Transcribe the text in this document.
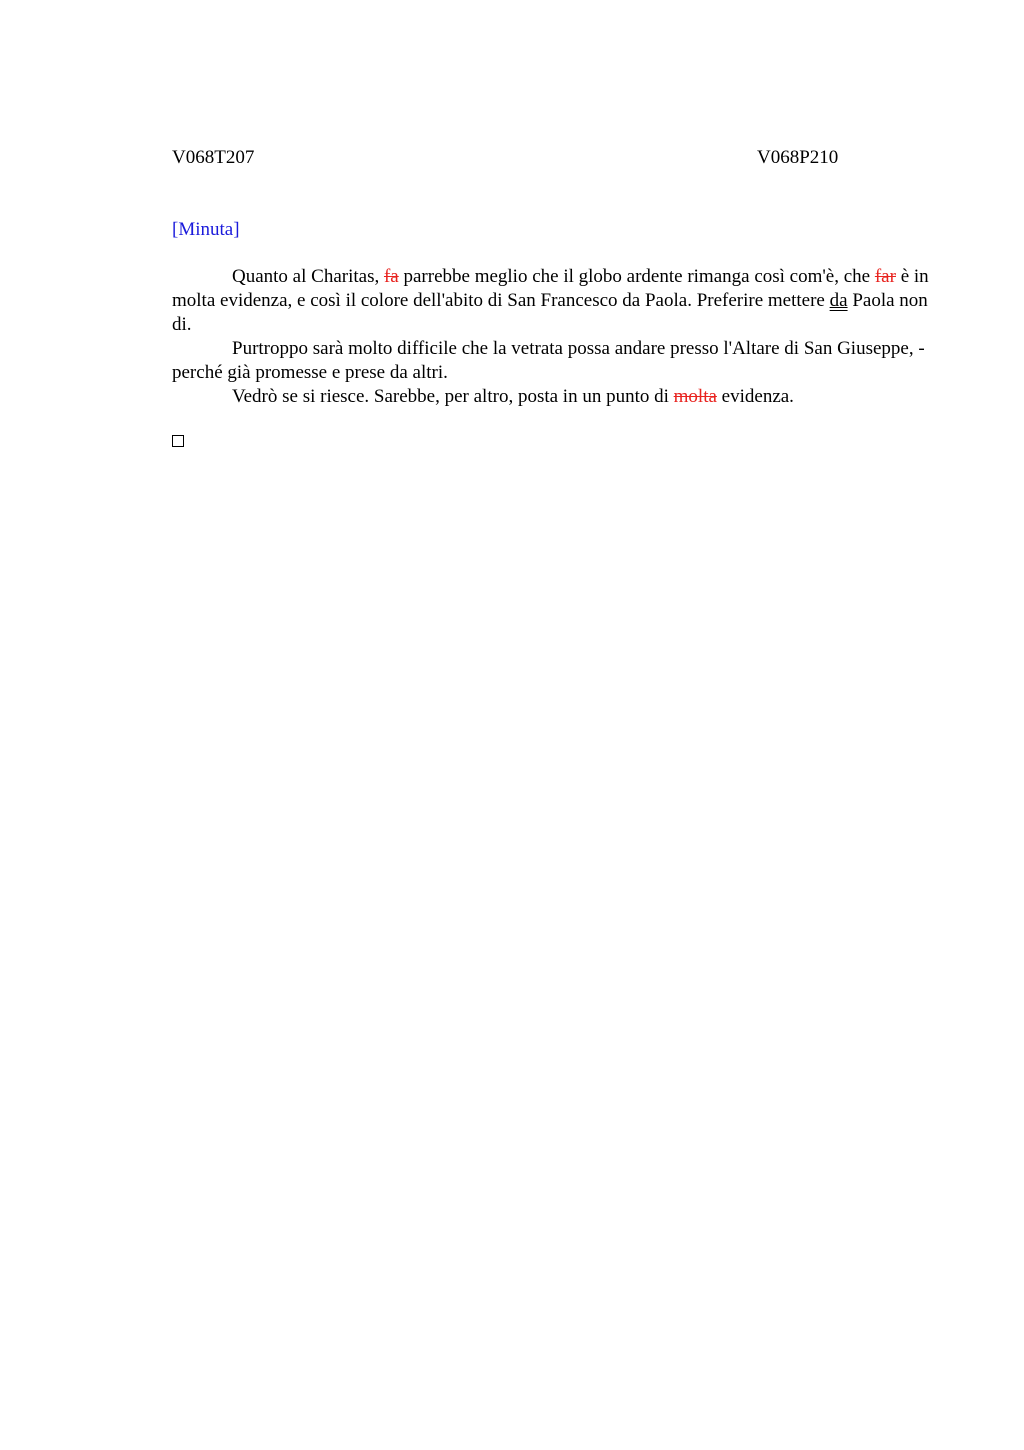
V068T207	V068P210
[Minuta]

Quanto al Charitas, fa parrebbe meglio che il globo ardente rimanga così com'è, che far è in molta evidenza, e così il colore dell'abito di San Francesco da Paola. Preferire mettere da Paola non di.

Purtroppo sarà molto difficile che la vetrata possa andare presso l'Altare di San Giuseppe, - perché già promesse e prese da altri.

Vedrò se si riesce. Sarebbe, per altro, posta in un punto di molta evidenza.
